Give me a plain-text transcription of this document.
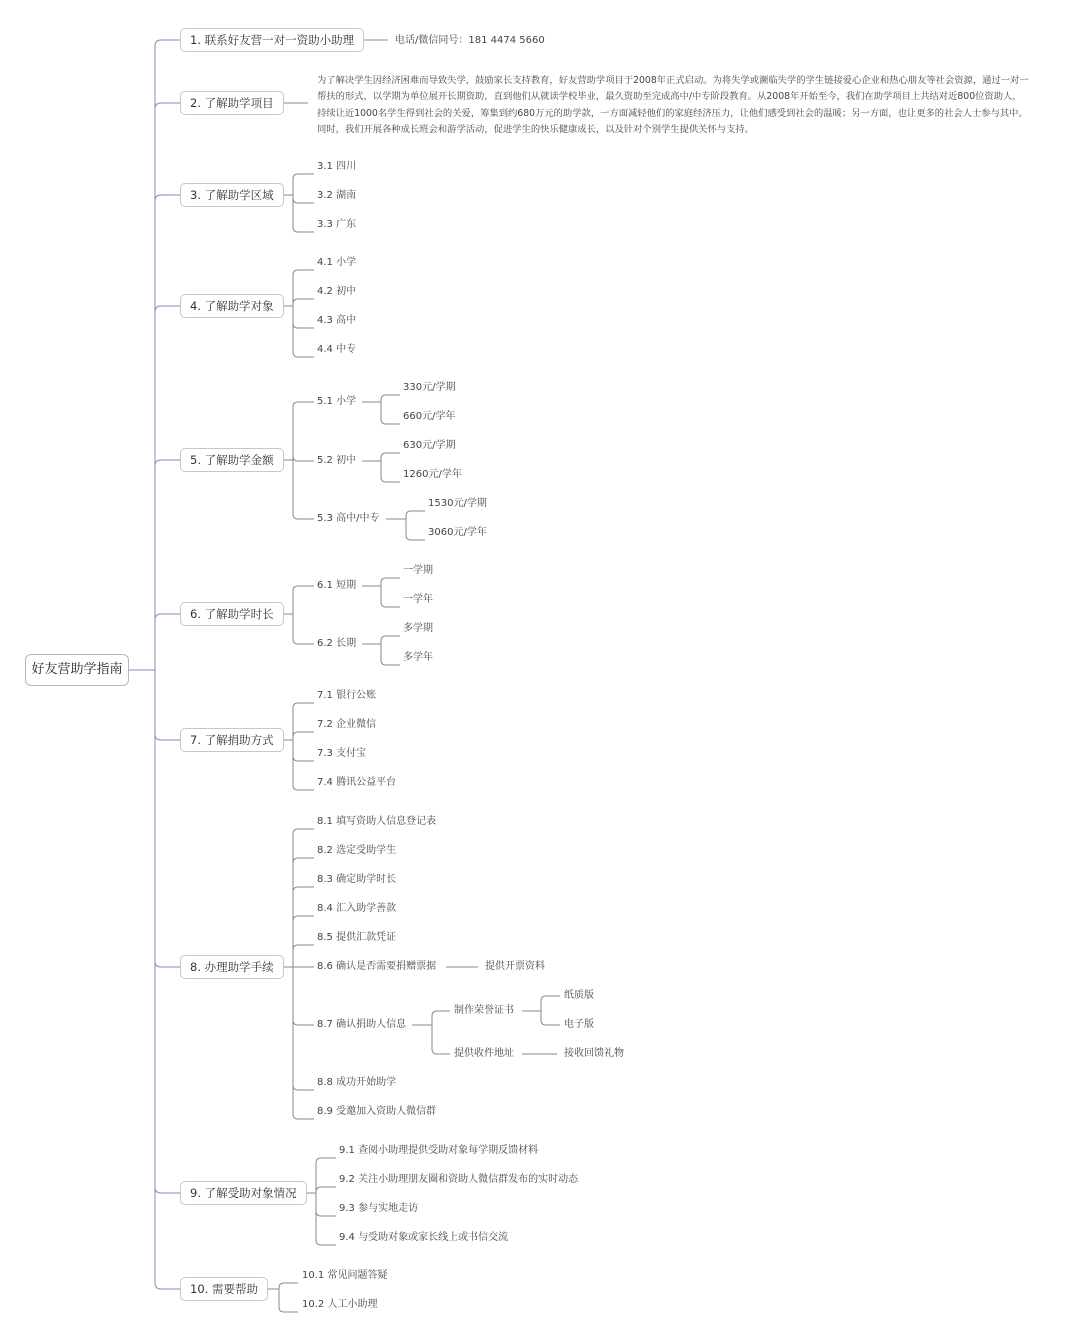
好友营助学指南
1. 联系好友营一对一资助小助理	电话/微信同号：181 4474 5660
2. 了解助学项目
为了解决学生因经济困难而导致失学，鼓励家长支持教育，好友营助学项目于2008年正式启动。为将失学或濒临失学的学生链接爱心企业和热心朋友等社会资源，通过一对一帮扶的形式，以学期为单位展开长期资助，直到他们从就读学校毕业，最久资助至完成高中/中专阶段教育。从2008年开始至今，我们在助学项目上共结对近800位资助人，持续让近1000名学生得到社会的关爱，筹集到约680万元的助学款，一方面减轻他们的家庭经济压力，让他们感受到社会的温暖；另一方面，也让更多的社会人士参与其中。同时，我们开展各种成长班会和游学活动，促进学生的快乐健康成长，以及针对个别学生提供关怀与支持。
3. 了解助学区域
3.1 四川
3.2 湖南
3.3 广东
4. 了解助学对象
4.1 小学
4.2 初中
4.3 高中
4.4 中专
5. 了解助学金额
5.1 小学
330元/学期
660元/学年
5.2 初中
630元/学期
1260元/学年
5.3 高中/中专
1530元/学期
3060元/学年
6. 了解助学时长
6.1 短期
一学期
一学年
6.2 长期
多学期
多学年
7. 了解捐助方式
7.1 银行公账
7.2 企业微信
7.3 支付宝
7.4 腾讯公益平台
8. 办理助学手续
8.1 填写资助人信息登记表
8.2 选定受助学生
8.3 确定助学时长
8.4 汇入助学善款
8.5 提供汇款凭证
8.6 确认是否需要捐赠票据	提供开票资料
8.7 确认捐助人信息
制作荣誉证书
纸质版
电子版
提供收件地址	接收回馈礼物
8.8 成功开始助学
8.9 受邀加入资助人微信群
9. 了解受助对象情况
9.1 查阅小助理提供受助对象每学期反馈材料
9.2 关注小助理朋友圈和资助人微信群发布的实时动态
9.3 参与实地走访
9.4 与受助对象或家长线上或书信交流
10. 需要帮助
10.1 常见问题答疑
10.2 人工小助理
